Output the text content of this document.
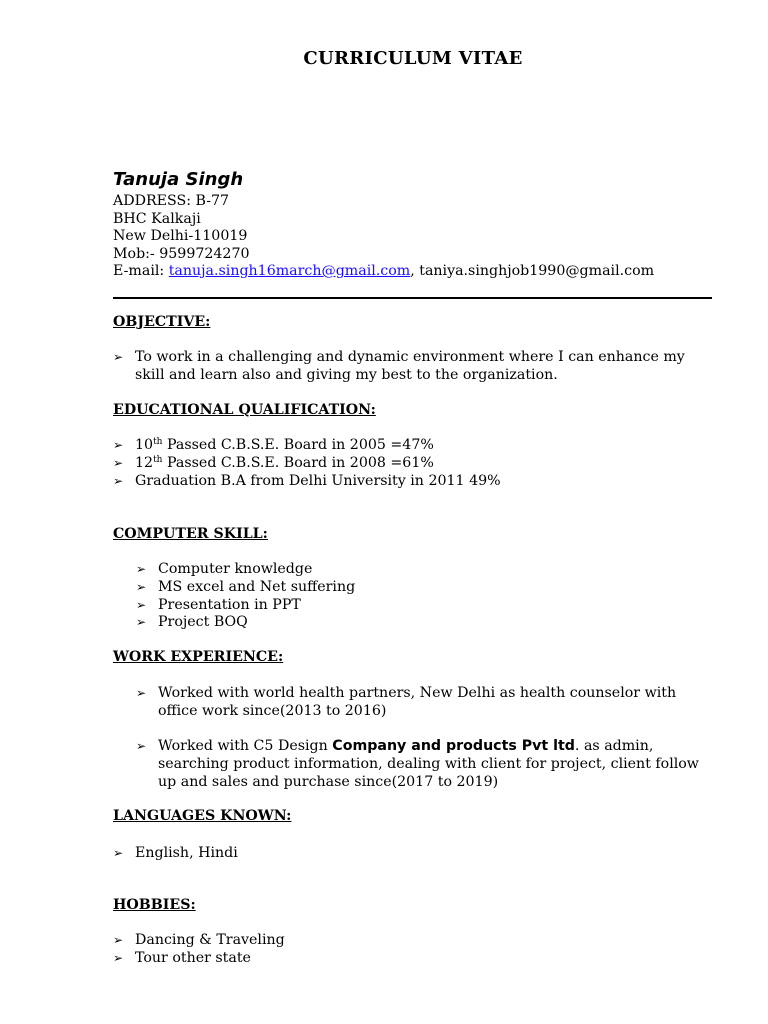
CURRICULUM VITAE
Tanuja Singh
ADDRESS: B-77
BHC Kalkaji
New Delhi-110019
Mob:- 9599724270
E-mail: tanuja.singh16march@gmail.com, taniya.singhjob1990@gmail.com
OBJECTIVE:
➢ To work in a challenging and dynamic environment where I can enhance my skill and learn also and giving my best to the organization.
EDUCATIONAL QUALIFICATION:
➢ 10th Passed C.B.S.E. Board in 2005 =47%
➢ 12th Passed C.B.S.E. Board in 2008 =61%
➢ Graduation B.A from Delhi University in 2011 49%
COMPUTER SKILL:
➢ Computer knowledge
➢ MS excel and Net suffering
➢ Presentation in PPT
➢ Project BOQ
WORK EXPERIENCE:
➢ Worked with world health partners, New Delhi as health counselor with office work since(2013 to 2016)
➢ Worked with C5 Design Company and products Pvt ltd. as admin, searching product information, dealing with client for project, client follow up and sales and purchase since(2017 to 2019)
LANGUAGES KNOWN:
➢ English, Hindi
HOBBIES:
➢ Dancing & Traveling
➢ Tour other state
